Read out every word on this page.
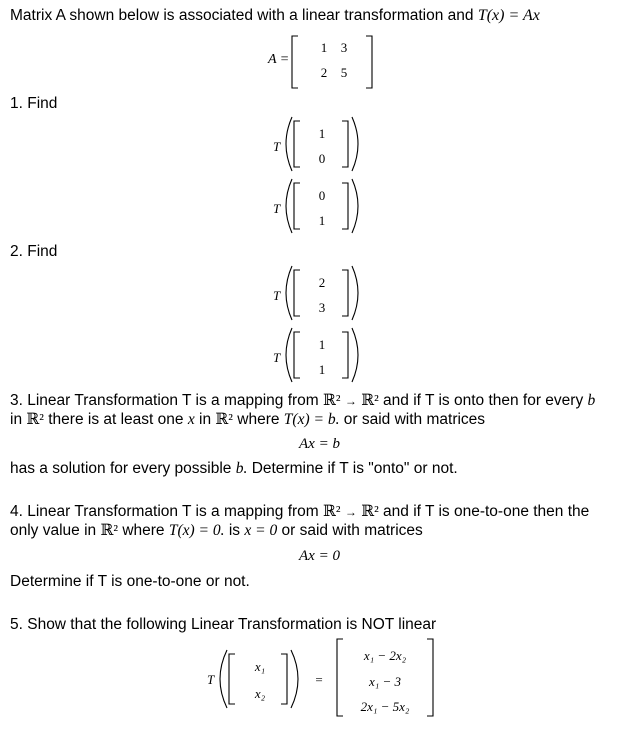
Matrix A shown below is associated with a linear transformation and T(x) = Ax
A =
1 3
2 5
1. Find
T
1
0
T
0
1
2. Find
T
2
3
T
1
1
3. Linear Transformation T is a mapping from ℝ² → ℝ² and if T is onto then for every b
in ℝ² there is at least one x in ℝ² where T(x) = b. or said with matrices
Ax = b
has a solution for every possible b. Determine if T is "onto" or not.
4. Linear Transformation T is a mapping from ℝ² → ℝ² and if T is one-to-one then the
only value in ℝ² where T(x) = 0. is x = 0 or said with matrices
Ax = 0
Determine if T is one-to-one or not.
5. Show that the following Linear Transformation is NOT linear
T
x₁
x₂
=
x₁ − 2x₂
x₁ − 3
2x₁ − 5x₂
